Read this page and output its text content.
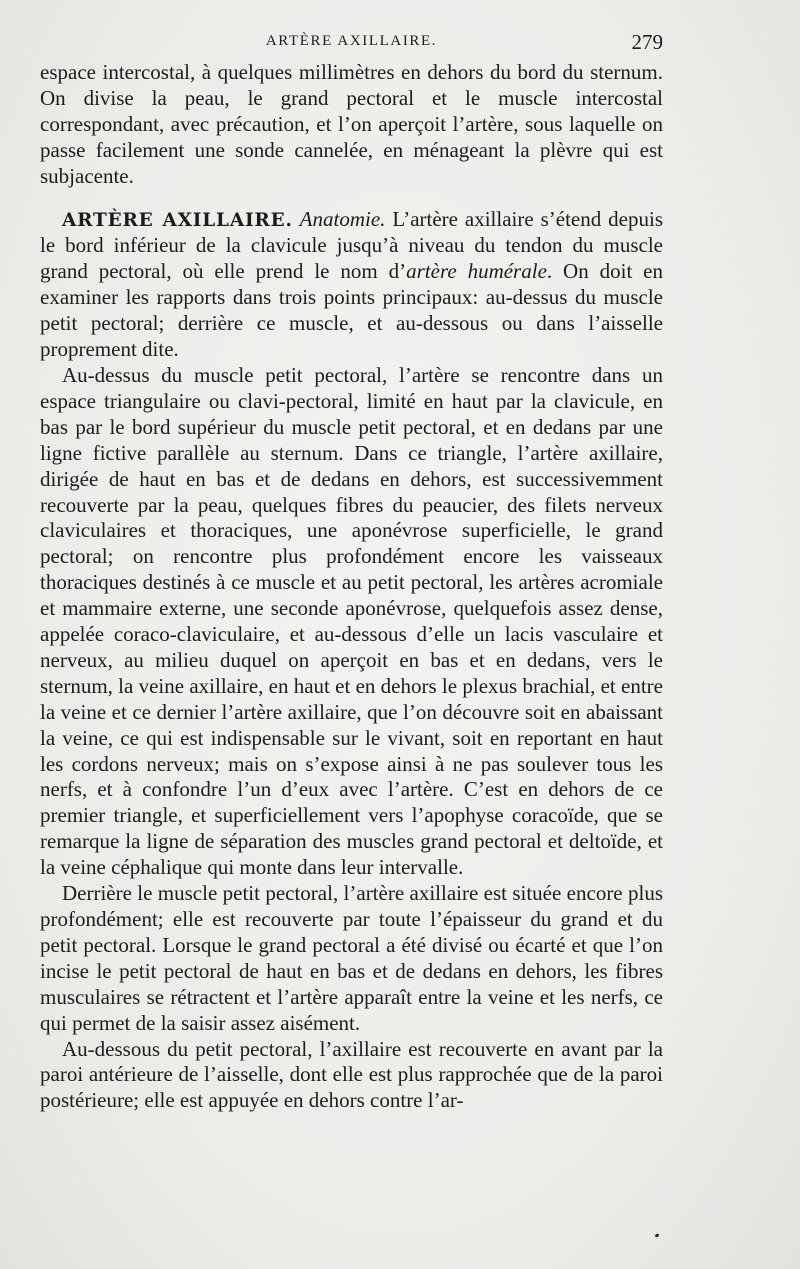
ARTÈRE AXILLAIRE.	279

espace intercostal, à quelques millimètres en dehors du bord du sternum. On divise la peau, le grand pectoral et le muscle intercostal correspondant, avec précaution, et l’on aperçoit l’artère, sous laquelle on passe facilement une sonde cannelée, en ménageant la plèvre qui est subjacente.

ARTÈRE AXILLAIRE. Anatomie. L’artère axillaire s’étend depuis le bord inférieur de la clavicule jusqu’à niveau du tendon du muscle grand pectoral, où elle prend le nom d’artère humérale. On doit en examiner les rapports dans trois points principaux: au-dessus du muscle petit pectoral; derrière ce muscle, et au-dessous ou dans l’aisselle proprement dite.

Au-dessus du muscle petit pectoral, l’artère se rencontre dans un espace triangulaire ou clavi-pectoral, limité en haut par la clavicule, en bas par le bord supérieur du muscle petit pectoral, et en dedans par une ligne fictive parallèle au sternum. Dans ce triangle, l’artère axillaire, dirigée de haut en bas et de dedans en dehors, est successivemment recouverte par la peau, quelques fibres du peaucier, des filets nerveux claviculaires et thoraciques, une aponévrose superficielle, le grand pectoral; on rencontre plus profondément encore les vaisseaux thoraciques destinés à ce muscle et au petit pectoral, les artères acromiale et mammaire externe, une seconde aponévrose, quelquefois assez dense, appelée coraco-claviculaire, et au-dessous d’elle un lacis vasculaire et nerveux, au milieu duquel on aperçoit en bas et en dedans, vers le sternum, la veine axillaire, en haut et en dehors le plexus brachial, et entre la veine et ce dernier l’artère axillaire, que l’on découvre soit en abaissant la veine, ce qui est indispensable sur le vivant, soit en reportant en haut les cordons nerveux; mais on s’expose ainsi à ne pas soulever tous les nerfs, et à confondre l’un d’eux avec l’artère. C’est en dehors de ce premier triangle, et superficiellement vers l’apophyse coracoïde, que se remarque la ligne de séparation des muscles grand pectoral et deltoïde, et la veine céphalique qui monte dans leur intervalle.

Derrière le muscle petit pectoral, l’artère axillaire est située encore plus profondément; elle est recouverte par toute l’épaisseur du grand et du petit pectoral. Lorsque le grand pectoral a été divisé ou écarté et que l’on incise le petit pectoral de haut en bas et de dedans en dehors, les fibres musculaires se rétractent et l’artère apparaît entre la veine et les nerfs, ce qui permet de la saisir assez aisément.

Au-dessous du petit pectoral, l’axillaire est recouverte en avant par la paroi antérieure de l’aisselle, dont elle est plus rapprochée que de la paroi postérieure; elle est appuyée en dehors contre l’ar-
